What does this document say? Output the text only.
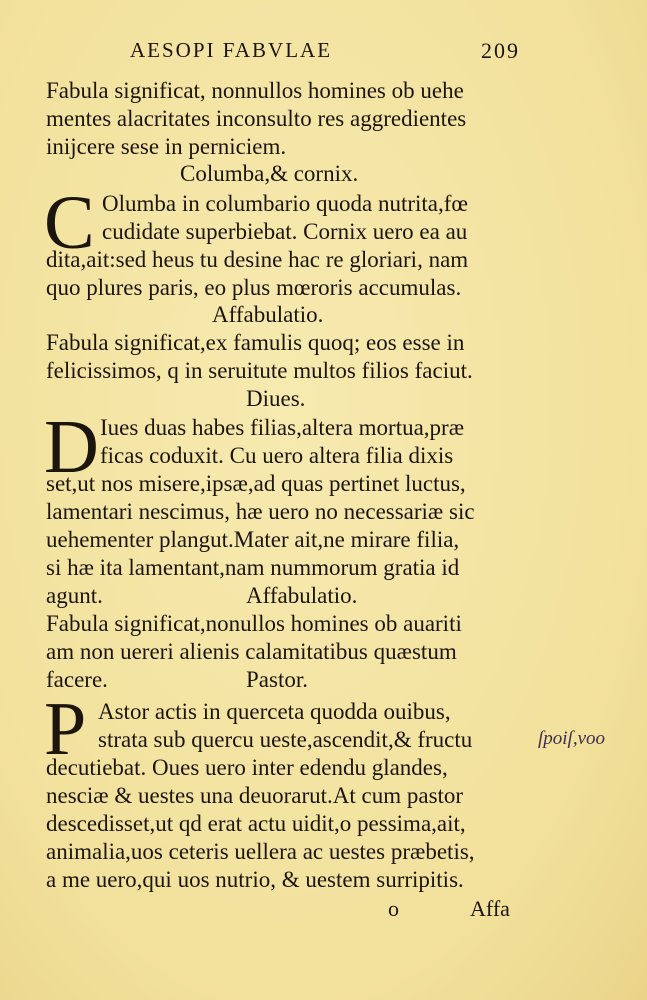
AESOPI FABVLAE	209
Fabula significat, nonnullos homines ob uehe
mentes alacritates inconsulto res aggredientes
inijcere sese in perniciem.
Columba,& cornix.
C Olumba in columbario quoda nutrita,fœ
cudidate superbiebat. Cornix uero ea au
dita,ait:sed heus tu desine hac re gloriari, nam
quo plures paris, eo plus mœroris accumulas.
Affabulatio.
Fabula significat,ex famulis quoq; eos esse in
felicissimos, q in seruitute multos filios faciut.
Diues.
D Iues duas habes filias,altera mortua,præ
ficas coduxit. Cu uero altera filia dixis
set,ut nos misere,ipsæ,ad quas pertinet luctus,
lamentari nescimus, hæ uero no necessariæ sic
uehementer plangut.Mater ait,ne mirare filia,
si hæ ita lamentant,nam nummorum gratia id
agunt.	Affabulatio.
Fabula significat,nonullos homines ob auariti
am non uereri alienis calamitatibus quæstum
facere.	Pastor.
P Astor actis in querceta quodda ouibus,
strata sub quercu ueste,ascendit,& fructu
decutiebat. Oues uero inter edendu glandes,
nesciæ & uestes una deuorarut.At cum pastor
descedisset,ut qd erat actu uidit,o pessima,ait,
animalia,uos ceteris uellera ac uestes præbetis,
a me uero,qui uos nutrio, & uestem surripitis.
ſpoiſ,voo
o	Affa
